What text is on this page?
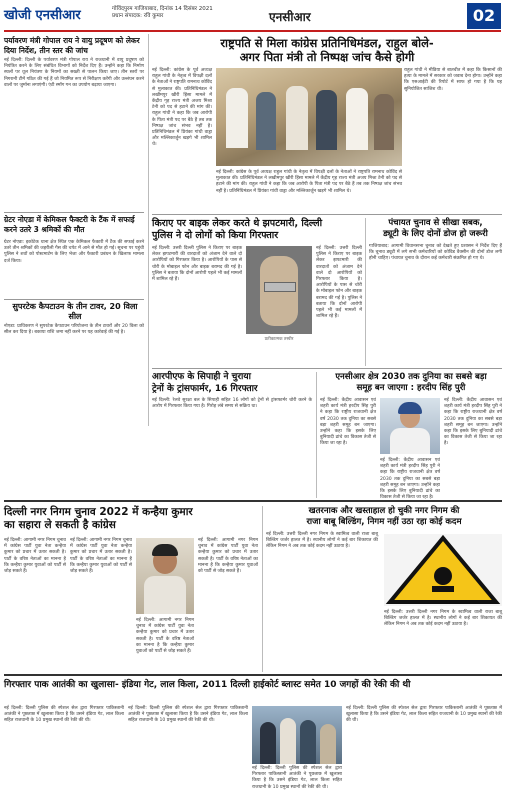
खोजी एनसीआर	गोविंदपुरम गाजियाबाद, दिनांक 14 दिसंबर 2021
प्रधान संपादक: रवि कुमार	एनसीआर	02
पर्यावरण मंत्री गोपाल राय ने वायु प्रदूषण को लेकर दिया निर्देश, तीन स्तर की जांच
नई दिल्ली: दिल्ली के पर्यावरण मंत्री गोपाल राय ने राजधानी में वायु प्रदूषण को नियंत्रित करने के लिए संबंधित विभागों को निर्देश दिए हैं। उन्होंने कहा कि निर्माण स्थलों पर धूल नियंत्रण के नियमों का सख्ती से पालन किया जाए। तीन स्तरों पर निगरानी टीमें गठित की गई हैं जो नियमित रूप से निरीक्षण करेंगी और उल्लंघन करने वालों पर जुर्माना लगाएंगी। एंटी स्मॉग गन का उपयोग बढ़ाया जाएगा।
ग्रेटर नोएडा में केमिकल फैक्टरी के टैंक में सफाई करने उतरे 3 श्रमिकों की मौत
ग्रेटर नोएडा: इकोटेक थाना क्षेत्र स्थित एक केमिकल फैक्टरी में टैंक की सफाई करने उतरे तीन श्रमिकों की जहरीली गैस की चपेट में आने से मौत हो गई। सूचना पर पहुंची पुलिस ने शवों को पोस्टमार्टम के लिए भेजा और फैक्टरी प्रबंधन के खिलाफ मामला दर्ज किया।
सुपरटेक कैपटाउन के तीन टावर, 20 विला सील
नोएडा: प्राधिकरण ने सुपरटेक कैपटाउन परियोजना के तीन टावरों और 20 विला को सील कर दिया है। बकाया राशि जमा नहीं करने पर यह कार्रवाई की गई है।
राष्ट्रपति से मिला कांग्रेस प्रतिनिधिमंडल, राहुल बोले-
अगर पिता मंत्री तो निष्पक्ष जांच कैसे होगी
नई दिल्ली: कांग्रेस के पूर्व अध्यक्ष राहुल गांधी के नेतृत्व में विपक्षी दलों के नेताओं ने राष्ट्रपति रामनाथ कोविंद से मुलाकात की। प्रतिनिधिमंडल ने लखीमपुर खीरी हिंसा मामले में केंद्रीय गृह राज्य मंत्री अजय मिश्रा टेनी को पद से हटाने की मांग की। राहुल गांधी ने कहा कि जब आरोपी के पिता मंत्री पद पर बैठे हैं तब तक निष्पक्ष जांच संभव नहीं है। प्रतिनिधिमंडल में प्रियंका गांधी वाड्रा और मल्लिकार्जुन खड़गे भी शामिल थे।
राहुल गांधी ने मीडिया से बातचीत में कहा कि किसानों की हत्या के मामले में सरकार को जवाब देना होगा। उन्होंने कहा कि एसआईटी की रिपोर्ट में साफ हो गया है कि यह सुनियोजित साजिश थी।
नई दिल्ली: कांग्रेस के पूर्व अध्यक्ष राहुल गांधी के नेतृत्व में विपक्षी दलों के नेताओं ने राष्ट्रपति रामनाथ कोविंद से मुलाकात की। प्रतिनिधिमंडल ने लखीमपुर खीरी हिंसा मामले में केंद्रीय गृह राज्य मंत्री अजय मिश्रा टेनी को पद से हटाने की मांग की। राहुल गांधी ने कहा कि जब आरोपी के पिता मंत्री पद पर बैठे हैं तब तक निष्पक्ष जांच संभव नहीं है। प्रतिनिधिमंडल में प्रियंका गांधी वाड्रा और मल्लिकार्जुन खड़गे भी शामिल थे।
किराए पर बाइक लेकर करते थे झपटमारी, दिल्ली
पुलिस ने दो लोगों को किया गिरफ्तार
नई दिल्ली: उत्तरी दिल्ली पुलिस ने किराए पर बाइक लेकर झपटमारी की वारदातों को अंजाम देने वाले दो आरोपियों को गिरफ्तार किया है। आरोपियों के पास से चोरी के मोबाइल फोन और बाइक बरामद की गई है। पुलिस ने बताया कि दोनों आरोपी पहले भी कई मामलों में शामिल रहे हैं।
प्रतीकात्मक तस्वीर
नई दिल्ली: उत्तरी दिल्ली पुलिस ने किराए पर बाइक लेकर झपटमारी की वारदातों को अंजाम देने वाले दो आरोपियों को गिरफ्तार किया है। आरोपियों के पास से चोरी के मोबाइल फोन और बाइक बरामद की गई है। पुलिस ने बताया कि दोनों आरोपी पहले भी कई मामलों में शामिल रहे हैं।
पंचायत चुनाव से सीखा सबक,
ड्यूटी के लिए दोनों डोज हो जरूरी
गाजियाबाद: आगामी विधानसभा चुनाव को देखते हुए प्रशासन ने निर्देश दिए हैं कि चुनाव ड्यूटी में लगे सभी कर्मचारियों को कोविड वैक्सीन की दोनों डोज लगी होनी चाहिए। पंचायत चुनाव के दौरान कई कर्मचारी संक्रमित हो गए थे।
आरपीएफ के सिपाही ने चुराया
ट्रेनों के ट्रांसफार्मर, 16 गिरफ्तार
नई दिल्ली: रेलवे सुरक्षा बल के सिपाही सहित 16 लोगों को ट्रेनों से ट्रांसफार्मर चोरी करने के आरोप में गिरफ्तार किया गया है। गिरोह लंबे समय से सक्रिय था।
एनसीआर क्षेत्र 2030 तक दुनिया का सबसे बड़ा
समूह बन जाएगा : हरदीप सिंह पुरी
नई दिल्ली: केंद्रीय आवासन एवं शहरी कार्य मंत्री हरदीप सिंह पुरी ने कहा कि राष्ट्रीय राजधानी क्षेत्र वर्ष 2030 तक दुनिया का सबसे बड़ा शहरी समूह बन जाएगा। उन्होंने कहा कि इसके लिए बुनियादी ढांचे का विकास तेजी से किया जा रहा है।
नई दिल्ली: केंद्रीय आवासन एवं शहरी कार्य मंत्री हरदीप सिंह पुरी ने कहा कि राष्ट्रीय राजधानी क्षेत्र वर्ष 2030 तक दुनिया का सबसे बड़ा शहरी समूह बन जाएगा। उन्होंने कहा कि इसके लिए बुनियादी ढांचे का विकास तेजी से किया जा रहा है।
नई दिल्ली: केंद्रीय आवासन एवं शहरी कार्य मंत्री हरदीप सिंह पुरी ने कहा कि राष्ट्रीय राजधानी क्षेत्र वर्ष 2030 तक दुनिया का सबसे बड़ा शहरी समूह बन जाएगा। उन्होंने कहा कि इसके लिए बुनियादी ढांचे का विकास तेजी से किया जा रहा है।
दिल्ली नगर निगम चुनाव 2022 में कन्हैया कुमार
का सहारा ले सकती है कांग्रेस
नई दिल्ली: आगामी नगर निगम चुनाव में कांग्रेस पार्टी युवा नेता कन्हैया कुमार को प्रचार में उतार सकती है। पार्टी के वरिष्ठ नेताओं का मानना है कि कन्हैया कुमार युवाओं को पार्टी से जोड़ सकते हैं।
नई दिल्ली: आगामी नगर निगम चुनाव में कांग्रेस पार्टी युवा नेता कन्हैया कुमार को प्रचार में उतार सकती है। पार्टी के वरिष्ठ नेताओं का मानना है कि कन्हैया कुमार युवाओं को पार्टी से जोड़ सकते हैं।
नई दिल्ली: आगामी नगर निगम चुनाव में कांग्रेस पार्टी युवा नेता कन्हैया कुमार को प्रचार में उतार सकती है। पार्टी के वरिष्ठ नेताओं का मानना है कि कन्हैया कुमार युवाओं को पार्टी से जोड़ सकते हैं।
नई दिल्ली: आगामी नगर निगम चुनाव में कांग्रेस पार्टी युवा नेता कन्हैया कुमार को प्रचार में उतार सकती है। पार्टी के वरिष्ठ नेताओं का मानना है कि कन्हैया कुमार युवाओं को पार्टी से जोड़ सकते हैं।
खतरनाक और खस्ताहाल हो चुकी नगर निगम की
राजा बाबू बिल्डिंग, निगम नहीं उठा रहा कोई कदम
नई दिल्ली: उत्तरी दिल्ली नगर निगम के स्वामित्व वाली राजा बाबू बिल्डिंग जर्जर हालत में है। स्थानीय लोगों ने कई बार शिकायत की लेकिन निगम ने अब तक कोई कदम नहीं उठाया है।
नई दिल्ली: उत्तरी दिल्ली नगर निगम के स्वामित्व वाली राजा बाबू बिल्डिंग जर्जर हालत में है। स्थानीय लोगों ने कई बार शिकायत की लेकिन निगम ने अब तक कोई कदम नहीं उठाया है।
गिरफ्तार पाक आतंकी का खुलासा- इंडिया गेट, लाल किला, 2011 दिल्ली हाईकोर्ट ब्लास्ट समेत 10 जगहों की रेकी की थी
नई दिल्ली: दिल्ली पुलिस की स्पेशल सेल द्वारा गिरफ्तार पाकिस्तानी आतंकी ने पूछताछ में खुलासा किया है कि उसने इंडिया गेट, लाल किला सहित राजधानी के 10 प्रमुख स्थानों की रेकी की थी।
नई दिल्ली: दिल्ली पुलिस की स्पेशल सेल द्वारा गिरफ्तार पाकिस्तानी आतंकी ने पूछताछ में खुलासा किया है कि उसने इंडिया गेट, लाल किला सहित राजधानी के 10 प्रमुख स्थानों की रेकी की थी।
नई दिल्ली: दिल्ली पुलिस की स्पेशल सेल द्वारा गिरफ्तार पाकिस्तानी आतंकी ने पूछताछ में खुलासा किया है कि उसने इंडिया गेट, लाल किला सहित राजधानी के 10 प्रमुख स्थानों की रेकी की थी।
नई दिल्ली: दिल्ली पुलिस की स्पेशल सेल द्वारा गिरफ्तार पाकिस्तानी आतंकी ने पूछताछ में खुलासा किया है कि उसने इंडिया गेट, लाल किला सहित राजधानी के 10 प्रमुख स्थानों की रेकी की थी।
